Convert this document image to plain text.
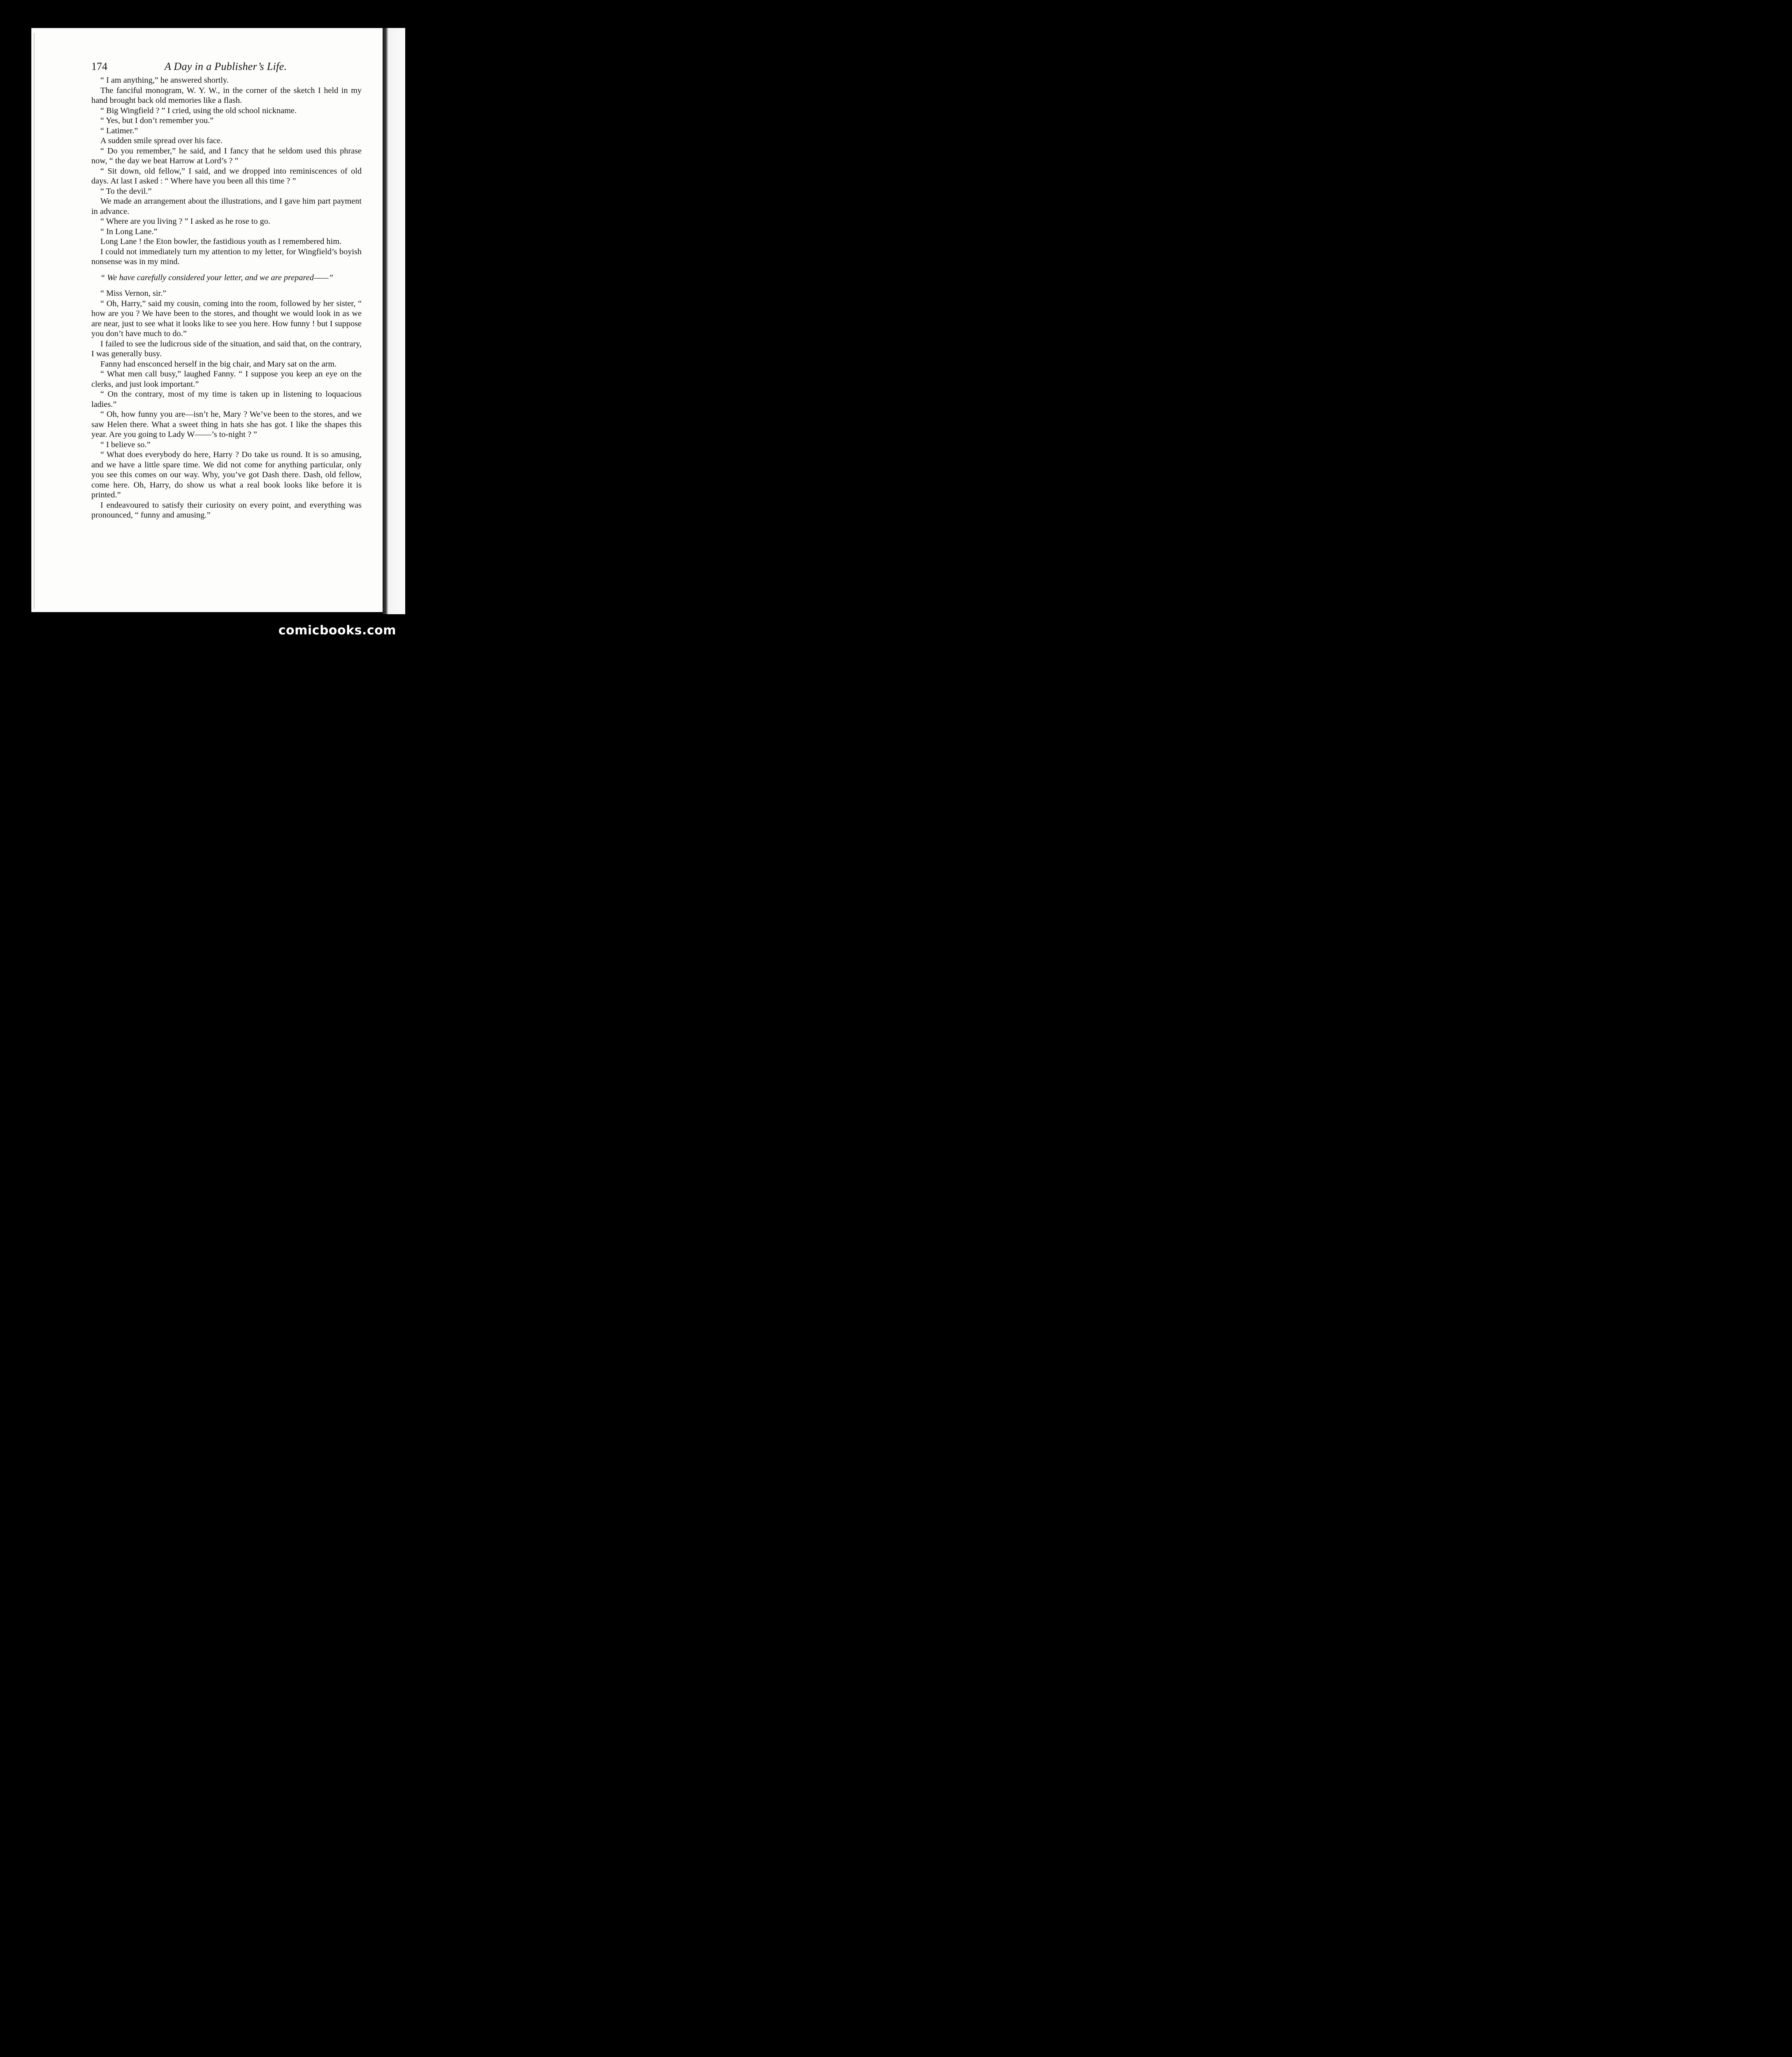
174	A Day in a Publisher’s Life.

“ I am anything,” he answered shortly.

The fanciful monogram, W. Y. W., in the corner of the sketch I held in my hand brought back old memories like a flash.

“ Big Wingfield ? ” I cried, using the old school nickname.

“ Yes, but I don’t remember you.”

“ Latimer.”

A sudden smile spread over his face.

“ Do you remember,” he said, and I fancy that he seldom used this phrase now, “ the day we beat Harrow at Lord’s ? ”

“ Sit down, old fellow,” I said, and we dropped into reminiscences of old days. At last I asked : “ Where have you been all this time ? ”

“ To the devil.”

We made an arrangement about the illustrations, and I gave him part payment in advance.

“ Where are you living ? ” I asked as he rose to go.

“ In Long Lane.”

Long Lane ! the Eton bowler, the fastidious youth as I remembered him.

I could not immediately turn my attention to my letter, for Wingfield’s boyish nonsense was in my mind.

“ We have carefully considered your letter, and we are prepared——”

“ Miss Vernon, sir.”

“ Oh, Harry,” said my cousin, coming into the room, followed by her sister, “ how are you ? We have been to the stores, and thought we would look in as we are near, just to see what it looks like to see you here. How funny ! but I suppose you don’t have much to do.”

I failed to see the ludicrous side of the situation, and said that, on the contrary, I was generally busy.

Fanny had ensconced herself in the big chair, and Mary sat on the arm.

“ What men call busy,” laughed Fanny. “ I suppose you keep an eye on the clerks, and just look important.”

“ On the contrary, most of my time is taken up in listening to loquacious ladies.”

“ Oh, how funny you are—isn’t he, Mary ? We’ve been to the stores, and we saw Helen there. What a sweet thing in hats she has got. I like the shapes this year. Are you going to Lady W——’s to-night ? ”

“ I believe so.”

“ What does everybody do here, Harry ? Do take us round. It is so amusing, and we have a little spare time. We did not come for anything particular, only you see this comes on our way. Why, you’ve got Dash there. Dash, old fellow, come here. Oh, Harry, do show us what a real book looks like before it is printed.”

I endeavoured to satisfy their curiosity on every point, and everything was pronounced, “ funny and amusing.”

comicbooks.com
